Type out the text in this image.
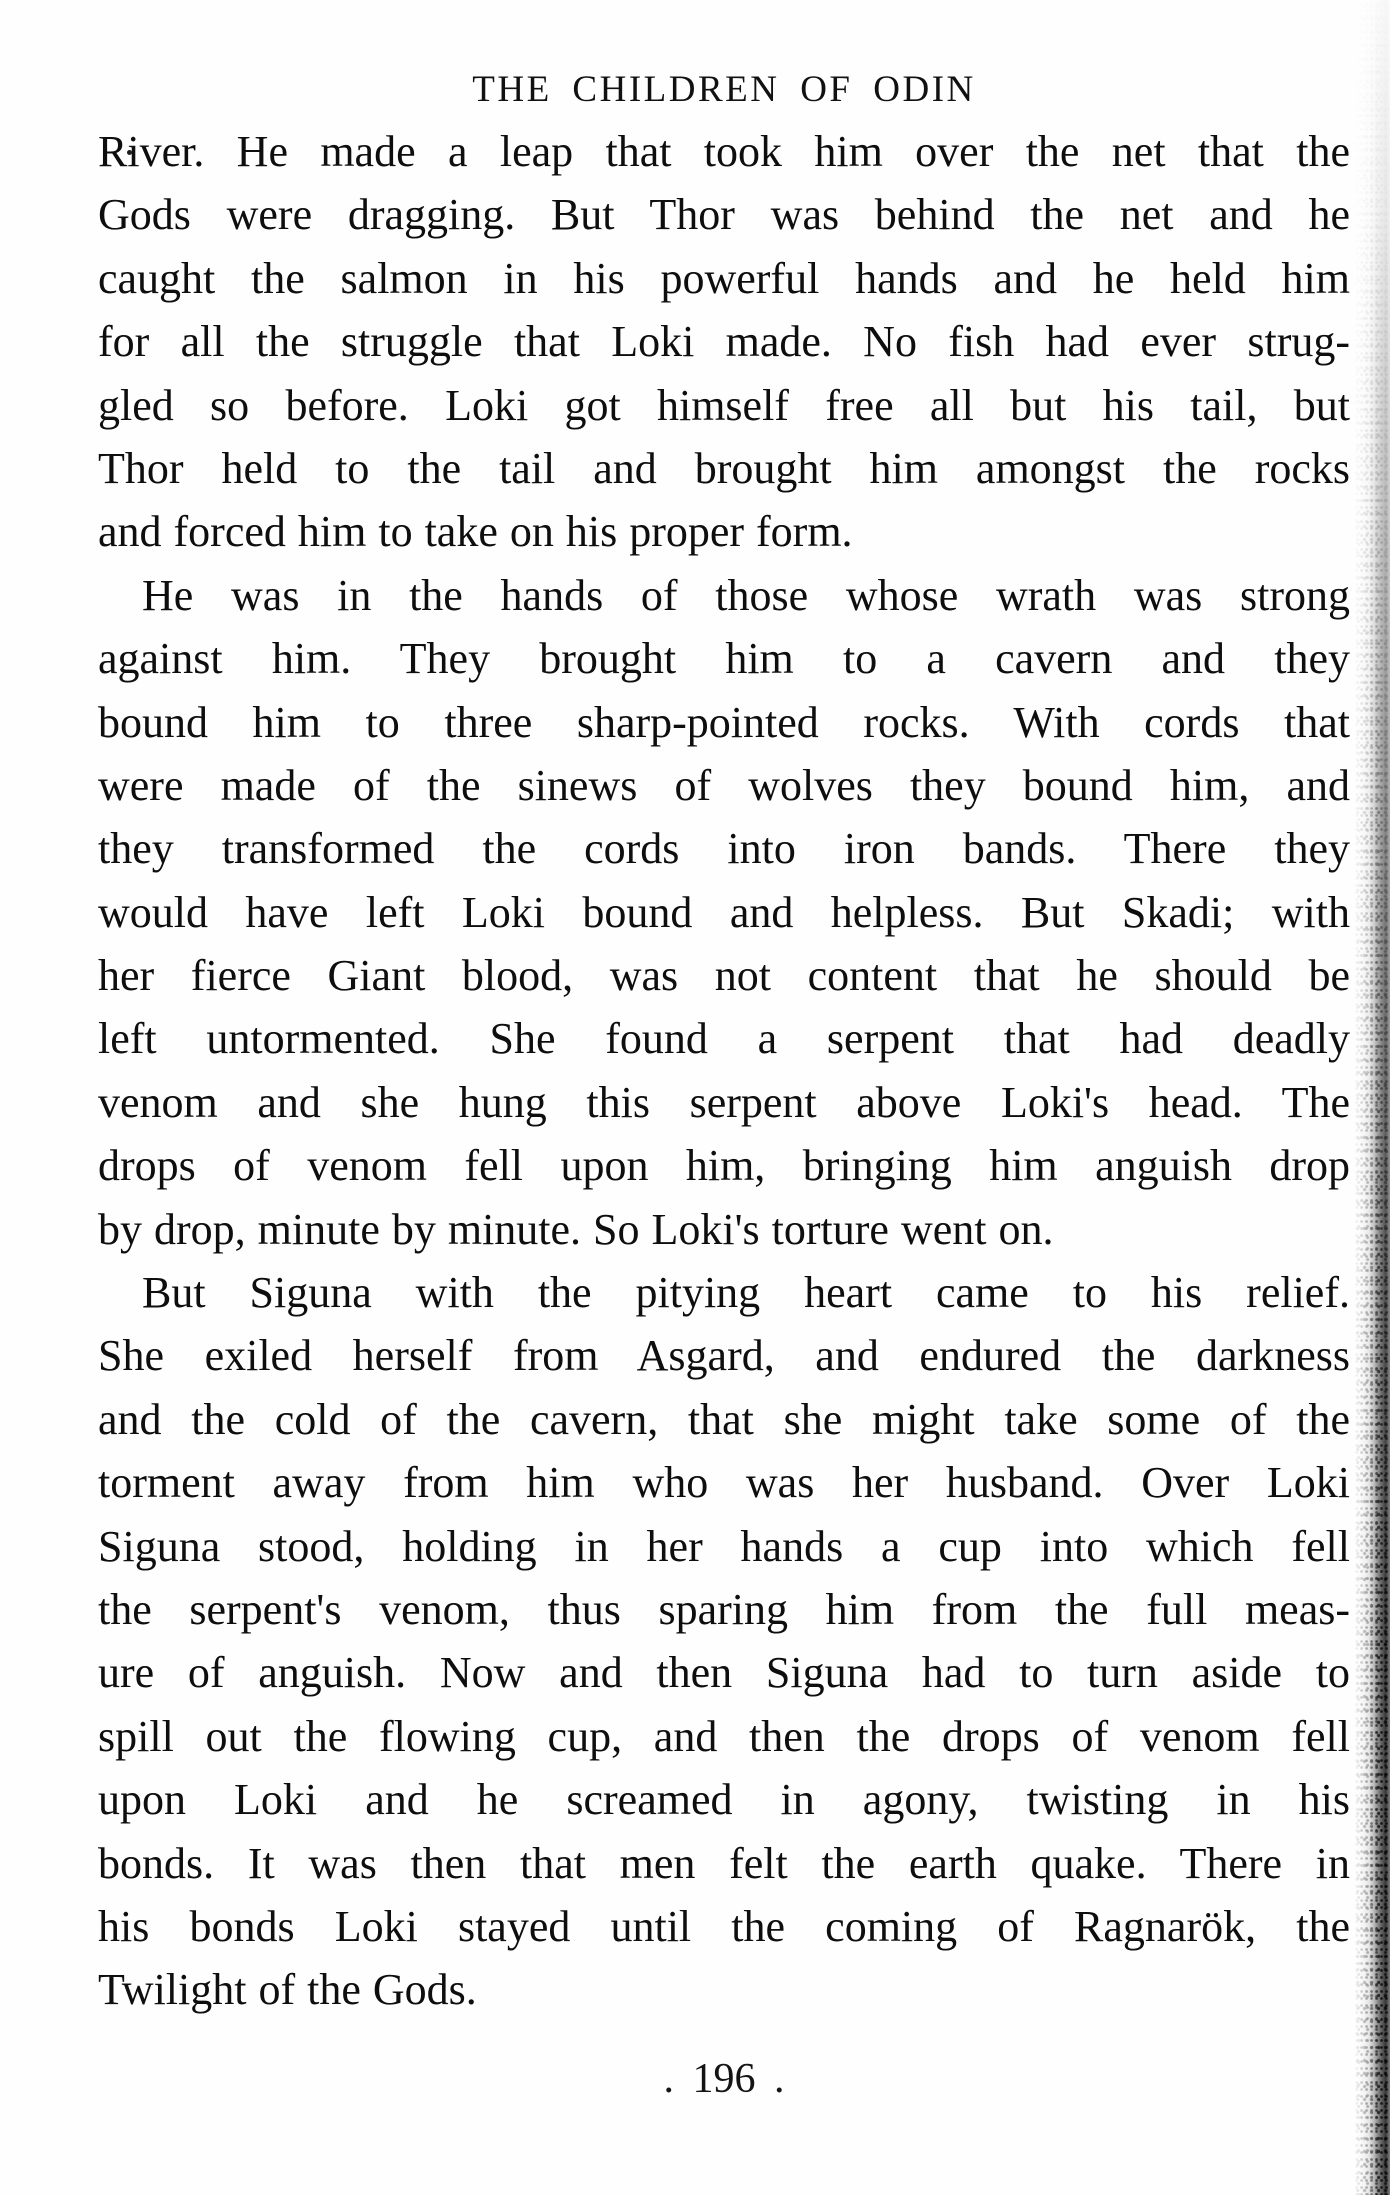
THE CHILDREN OF ODIN
River. He made a leap that took him over the net that the
Gods were dragging. But Thor was behind the net and he
caught the salmon in his powerful hands and he held him
for all the struggle that Loki made. No fish had ever strug-
gled so before. Loki got himself free all but his tail, but
Thor held to the tail and brought him amongst the rocks
and forced him to take on his proper form.
He was in the hands of those whose wrath was strong
against him. They brought him to a cavern and they
bound him to three sharp-pointed rocks. With cords that
were made of the sinews of wolves they bound him, and
they transformed the cords into iron bands. There they
would have left Loki bound and helpless. But Skadi; with
her fierce Giant blood, was not content that he should be
left untormented. She found a serpent that had deadly
venom and she hung this serpent above Loki's head. The
drops of venom fell upon him, bringing him anguish drop
by drop, minute by minute. So Loki's torture went on.
But Siguna with the pitying heart came to his relief.
She exiled herself from Asgard, and endured the darkness
and the cold of the cavern, that she might take some of the
torment away from him who was her husband. Over Loki
Siguna stood, holding in her hands a cup into which fell
the serpent's venom, thus sparing him from the full meas-
ure of anguish. Now and then Siguna had to turn aside to
spill out the flowing cup, and then the drops of venom fell
upon Loki and he screamed in agony, twisting in his
bonds. It was then that men felt the earth quake. There in
his bonds Loki stayed until the coming of Ragnarök, the
Twilight of the Gods.
. 196 .
